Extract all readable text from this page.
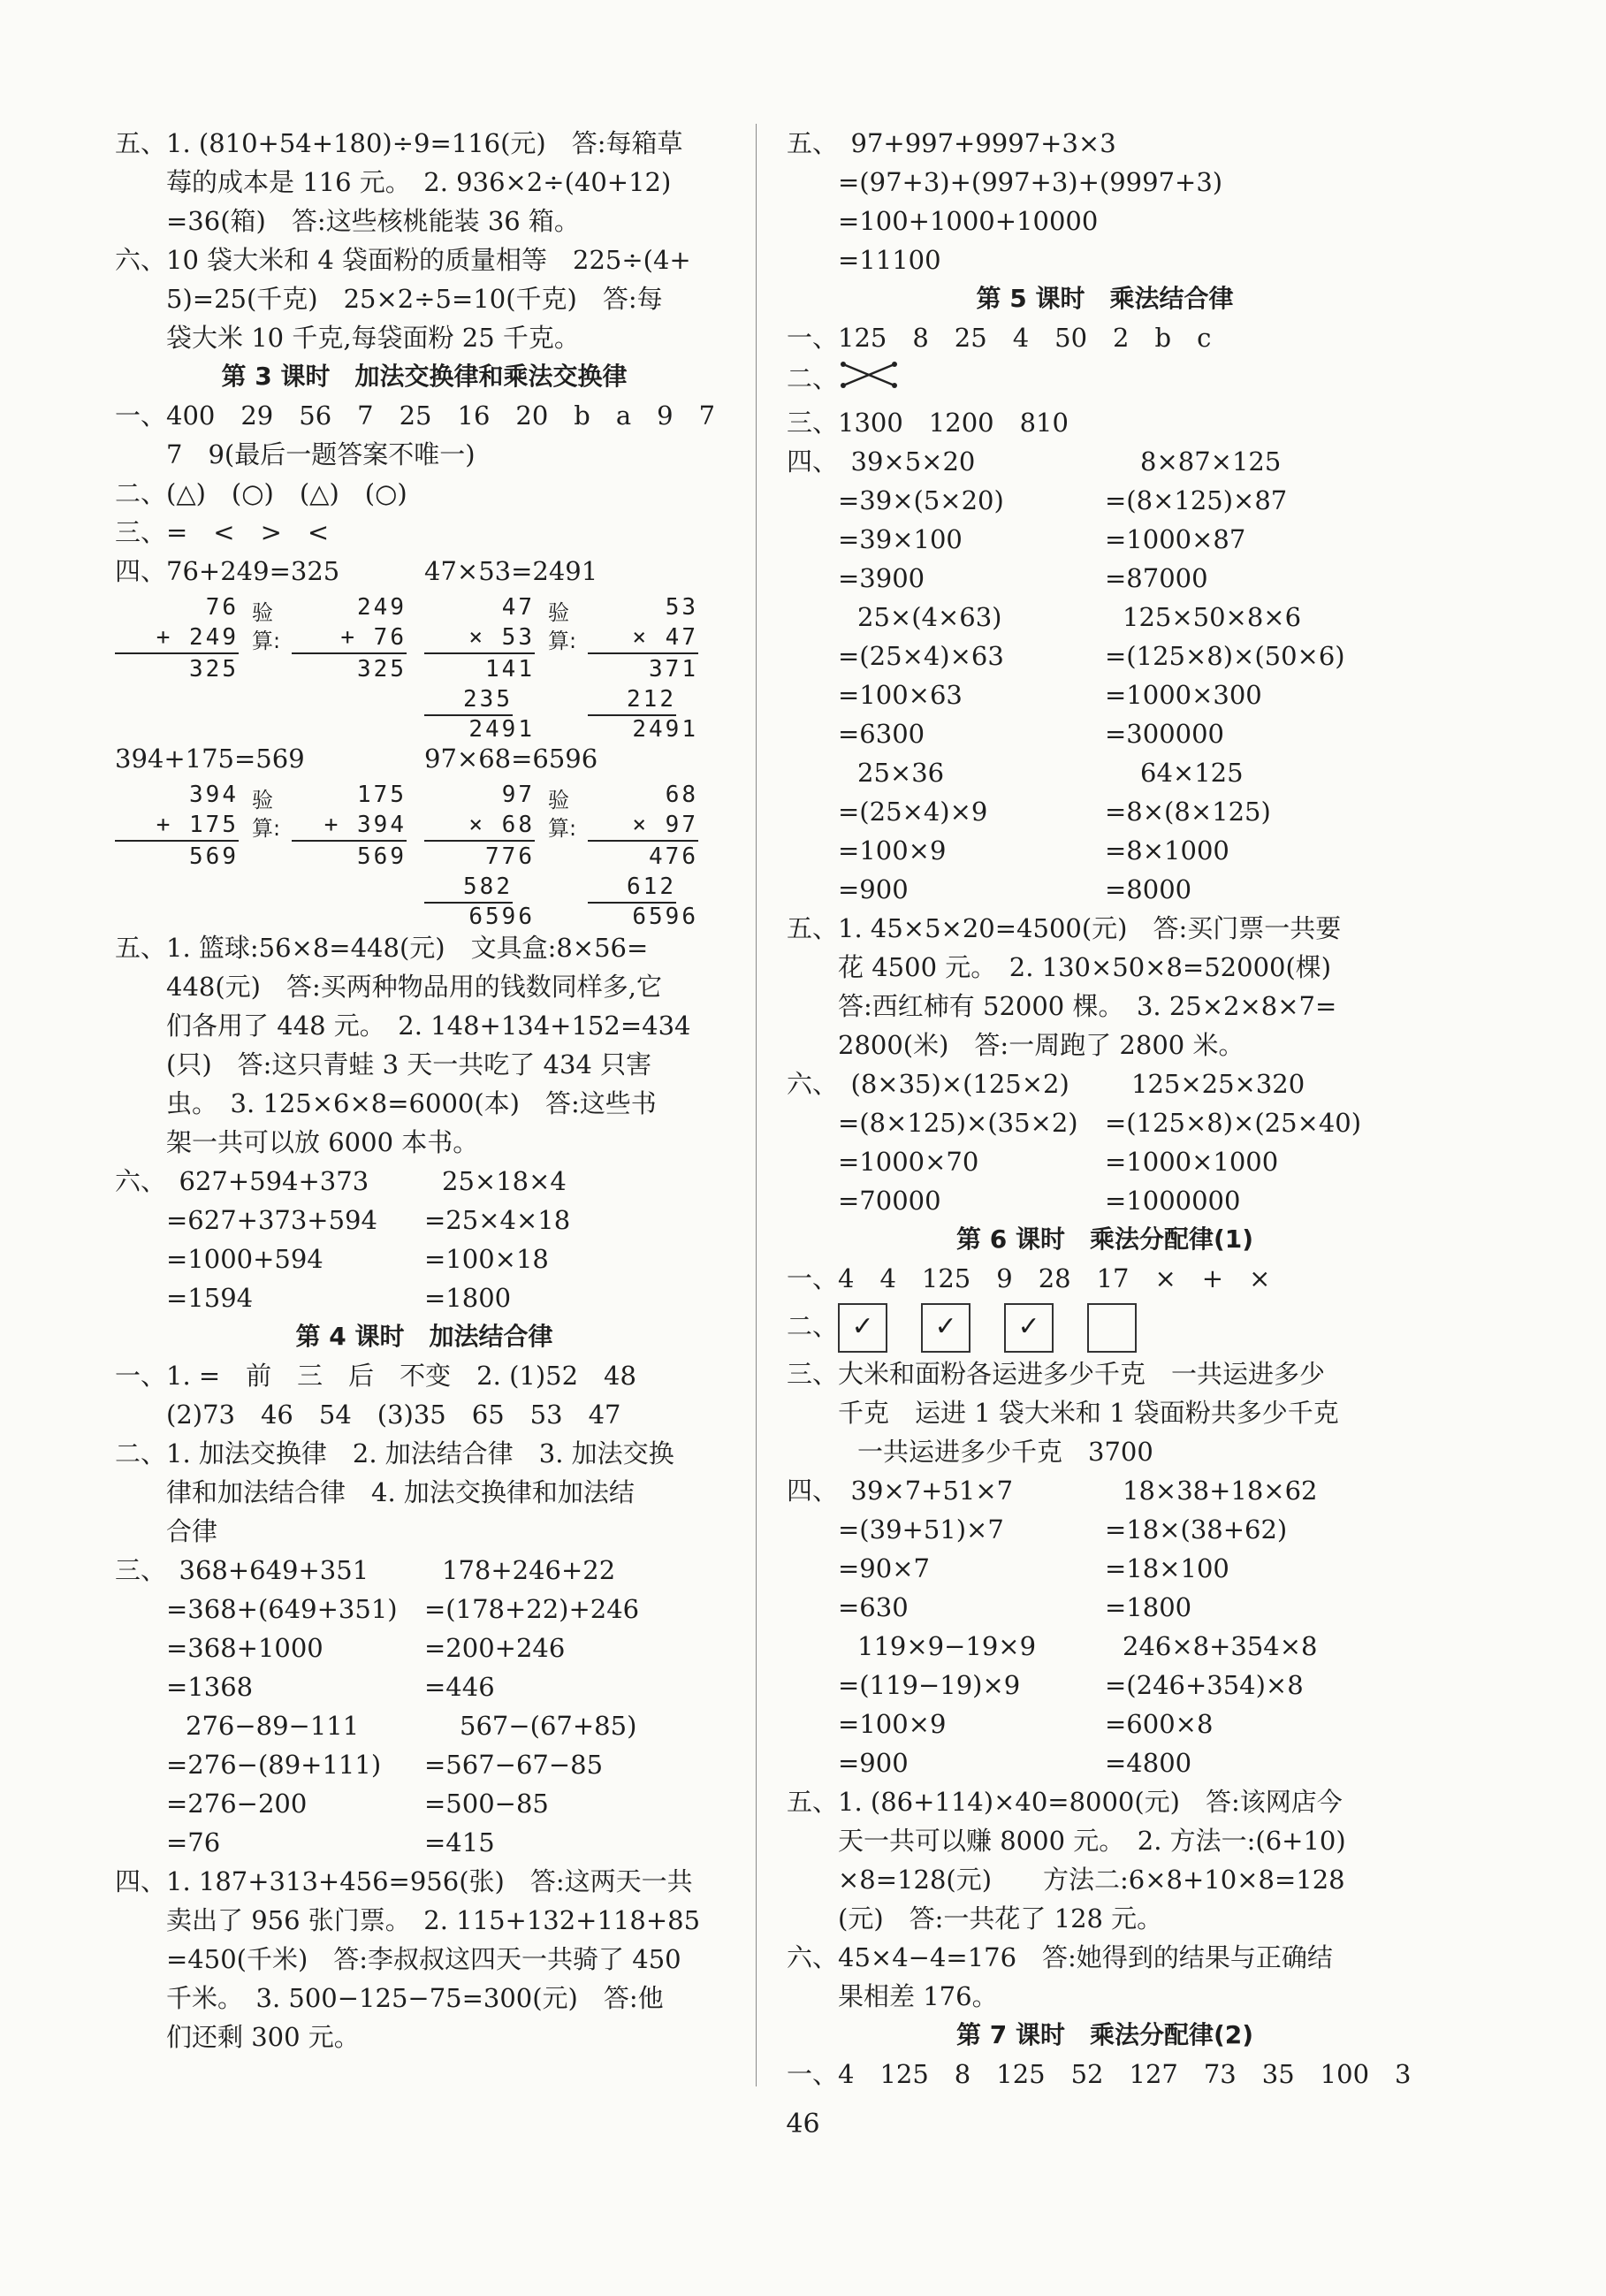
五、1. (810+54+180)÷9=116(元)　答:每箱草
莓的成本是 116 元。　2. 936×2÷(40+12)
=36(箱)　答:这些核桃能装 36 箱。
六、10 袋大米和 4 袋面粉的质量相等　225÷(4+
5)=25(千克)　25×2÷5=10(千克)　答:每
袋大米 10 千克,每袋面粉 25 千克。
第 3 课时　加法交换律和乘法交换律
一、400　29　56　7　25　16　20　b　a　9　7
7　9(最后一题答案不唯一)
二、(△)　(○)　(△)　(○)
三、=　<　>　<
四、76+249=325	47×53=2491
76
+ 249
325
验
算:
249
+ 76
325
47
× 53
141
235
2491
验
算:
53
× 47
371
212
2491
394+175=569	97×68=6596
394
+ 175
569
验
算:
175
+ 394
569
97
× 68
776
582
6596
验
算:
68
× 97
476
612
6596
五、1. 篮球:56×8=448(元)　文具盒:8×56=
448(元)　答:买两种物品用的钱数同样多,它
们各用了 448 元。　2. 148+134+152=434
(只)　答:这只青蛙 3 天一共吃了 434 只害
虫。　3. 125×6×8=6000(本)　答:这些书
架一共可以放 6000 本书。
六、　627+594+373
=627+373+594
=1000+594
=1594
25×18×4
=25×4×18
=100×18
=1800
第 4 课时　加法结合律
一、1. =　前　三　后　不变　2. (1)52　48
(2)73　46　54　(3)35　65　53　47
二、1. 加法交换律　2. 加法结合律　3. 加法交换
律和加法结合律　4. 加法交换律和加法结
合律
三、　368+649+351
=368+(649+351)
=368+1000
=1368
276−89−111
=276−(89+111)
=276−200
=76
178+246+22
=(178+22)+246
=200+246
=446
567−(67+85)
=567−67−85
=500−85
=415
四、1. 187+313+456=956(张)　答:这两天一共
卖出了 956 张门票。　2. 115+132+118+85
=450(千米)　答:李叔叔这四天一共骑了 450
千米。　3. 500−125−75=300(元)　答:他
们还剩 300 元。
五、　97+997+9997+3×3
=(97+3)+(997+3)+(9997+3)
=100+1000+10000
=11100
第 5 课时　乘法结合律
一、125　8　25　4　50　2　b　c
二、
三、1300　1200　810
四、　39×5×20
=39×(5×20)
=39×100
=3900
25×(4×63)
=(25×4)×63
=100×63
=6300
25×36
=(25×4)×9
=100×9
=900
8×87×125
=(8×125)×87
=1000×87
=87000
125×50×8×6
=(125×8)×(50×6)
=1000×300
=300000
64×125
=8×(8×125)
=8×1000
=8000
五、1. 45×5×20=4500(元)　答:买门票一共要
花 4500 元。　2. 130×50×8=52000(棵)
答:西红柿有 52000 棵。　3. 25×2×8×7=
2800(米)　答:一周跑了 2800 米。
六、　(8×35)×(125×2)
=(8×125)×(35×2)
=1000×70
=70000
125×25×320
=(125×8)×(25×40)
=1000×1000
=1000000
第 6 课时　乘法分配律(1)
一、4　4　125　9　28　17　×　+　×
二、 ✓ ✓ ✓
三、大米和面粉各运进多少千克　一共运进多少
千克　运进 1 袋大米和 1 袋面粉共多少千克
一共运进多少千克　3700
四、　39×7+51×7
=(39+51)×7
=90×7
=630
119×9−19×9
=(119−19)×9
=100×9
=900
18×38+18×62
=18×(38+62)
=18×100
=1800
246×8+354×8
=(246+354)×8
=600×8
=4800
五、1. (86+114)×40=8000(元)　答:该网店今
天一共可以赚 8000 元。　2. 方法一:(6+10)
×8=128(元)　　方法二:6×8+10×8=128
(元)　答:一共花了 128 元。
六、45×4−4=176　答:她得到的结果与正确结
果相差 176。
第 7 课时　乘法分配律(2)
一、4　125　8　125　52　127　73　35　100　3
46
